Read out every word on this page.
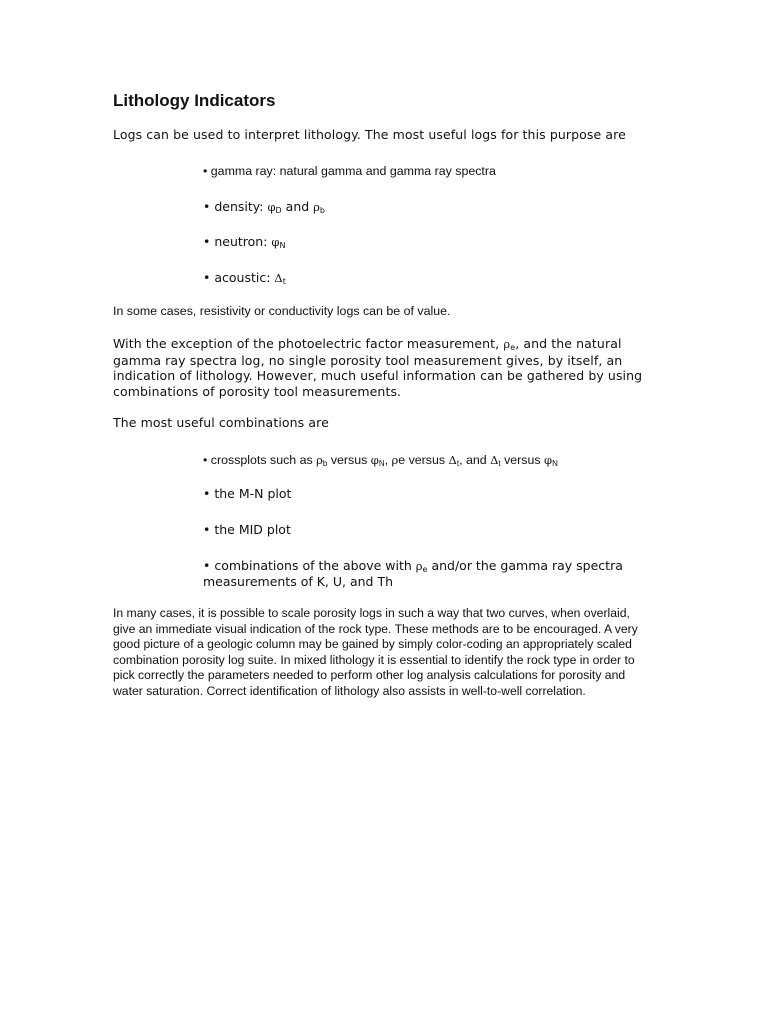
Lithology Indicators

Logs can be used to interpret lithology. The most useful logs for this purpose are

• gamma ray: natural gamma and gamma ray spectra

• density: $\varphi_D$ and $\rho_b$

• neutron: $\varphi_N$

• acoustic: $\Delta_t$

In some cases, resistivity or conductivity logs can be of value.

With the exception of the photoelectric factor measurement, $\rho_e$, and the natural
gamma ray spectra log, no single porosity tool measurement gives, by itself, an
indication of lithology. However, much useful information can be gathered by using
combinations of porosity tool measurements.

The most useful combinations are

• crossplots such as $\rho_b$ versus $\varphi_N$, ρe versus $\Delta_t$, and $\Delta_t$ versus $\varphi_N$

• the M-N plot

• the MID plot

• combinations of the above with $\rho_e$ and/or the gamma ray spectra
measurements of K, U, and Th
In many cases, it is possible to scale porosity logs in such a way that two curves, when overlaid,
give an immediate visual indication of the rock type. These methods are to be encouraged. A very
good picture of a geologic column may be gained by simply color-coding an appropriately scaled
combination porosity log suite. In mixed lithology it is essential to identify the rock type in order to
pick correctly the parameters needed to perform other log analysis calculations for porosity and
water saturation. Correct identification of lithology also assists in well-to-well correlation.
